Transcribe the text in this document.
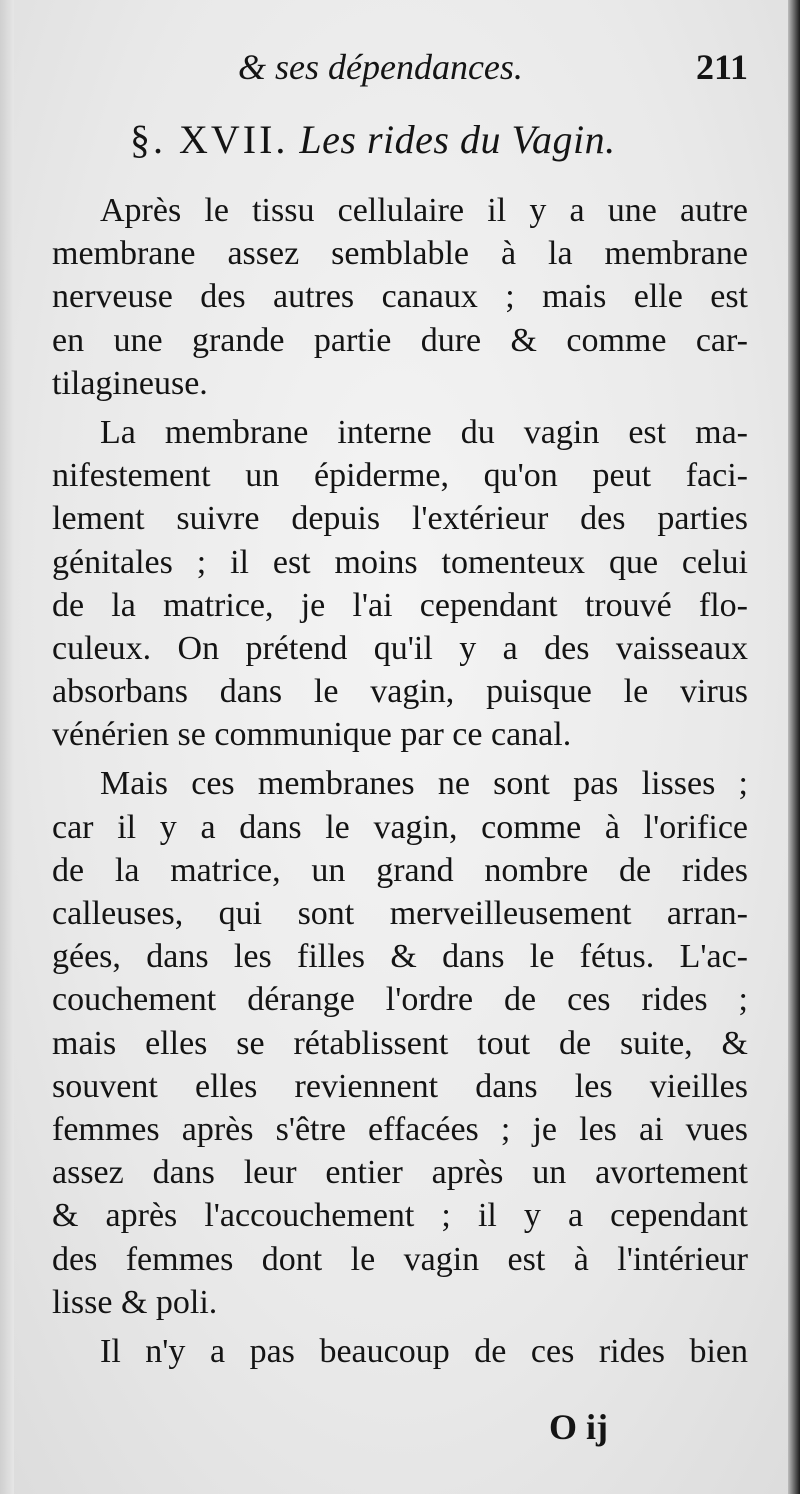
& ses dépendances.	211
§. XVII. Les rides du Vagin.

Après le tissu cellulaire il y a une autre
membrane assez semblable à la membrane
nerveuse des autres canaux ; mais elle est
en une grande partie dure & comme car-
tilagineuse.

La membrane interne du vagin est ma-
nifestement un épiderme, qu'on peut faci-
lement suivre depuis l'extérieur des parties
génitales ; il est moins tomenteux que celui
de la matrice, je l'ai cependant trouvé flo-
culeux. On prétend qu'il y a des vaisseaux
absorbans dans le vagin, puisque le virus
vénérien se communique par ce canal.

Mais ces membranes ne sont pas lisses ;
car il y a dans le vagin, comme à l'orifice
de la matrice, un grand nombre de rides
calleuses, qui sont merveilleusement arran-
gées, dans les filles & dans le fétus. L'ac-
couchement dérange l'ordre de ces rides ;
mais elles se rétablissent tout de suite, &
souvent elles reviennent dans les vieilles
femmes après s'être effacées ; je les ai vues
assez dans leur entier après un avortement
& après l'accouchement ; il y a cependant
des femmes dont le vagin est à l'intérieur
lisse & poli.

Il n'y a pas beaucoup de ces rides bien

O ij
